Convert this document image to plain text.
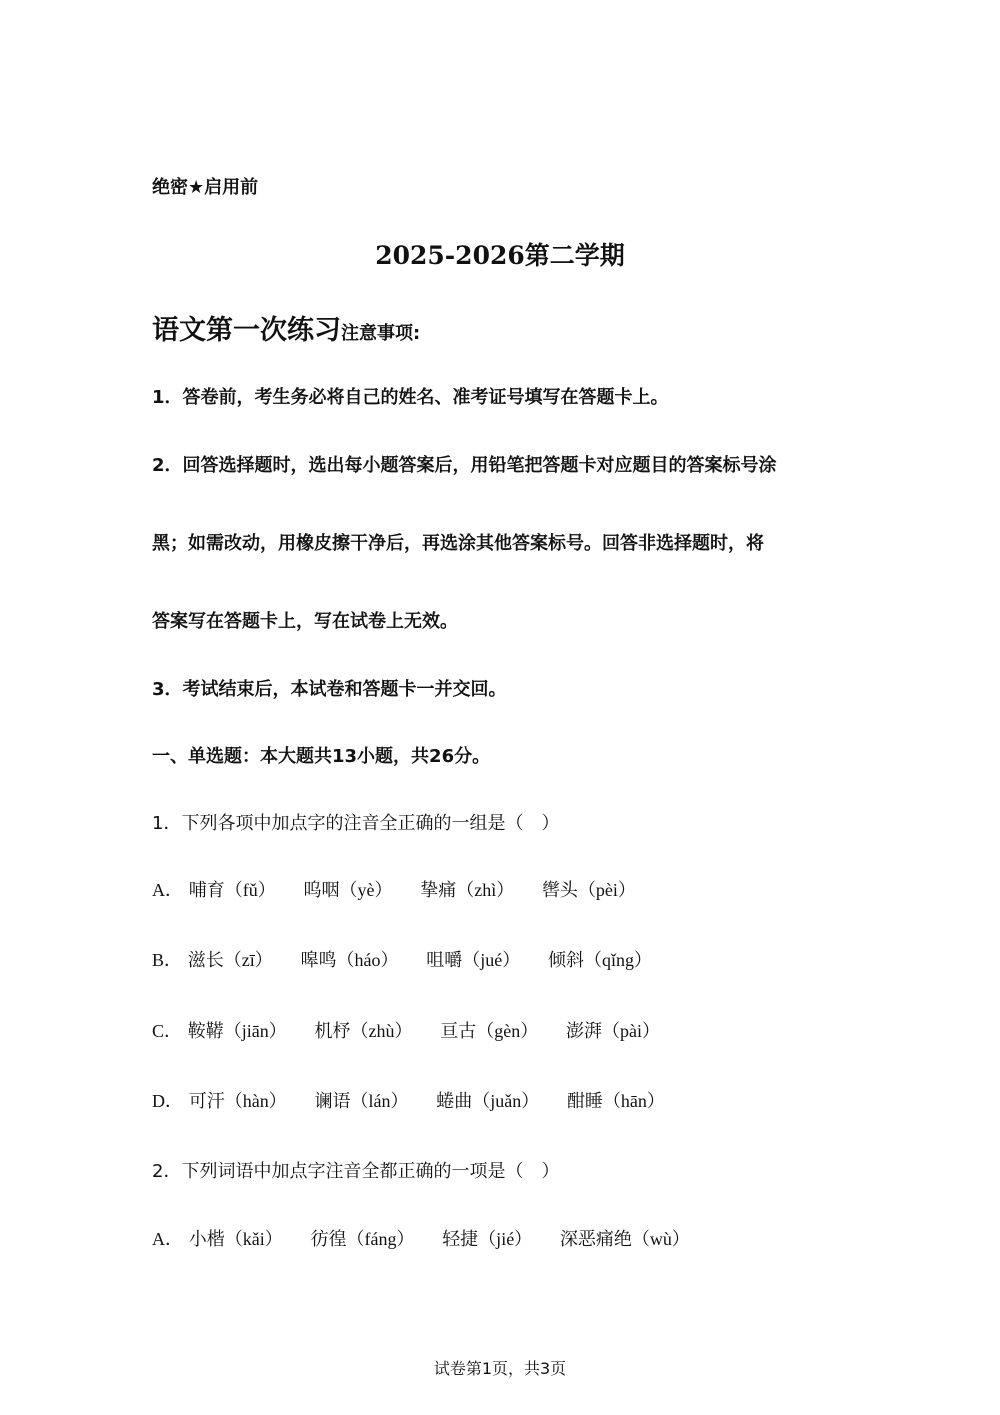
绝密★启用前
2025-2026第二学期
语文第一次练习注意事项:
1．答卷前，考生务必将自己的姓名、准考证号填写在答题卡上。
2．回答选择题时，选出每小题答案后，用铅笔把答题卡对应题目的答案标号涂
黑；如需改动，用橡皮擦干净后，再选涂其他答案标号。回答非选择题时，将
答案写在答题卡上，写在试卷上无效。
3．考试结束后，本试卷和答题卡一并交回。
一、单选题：本大题共13小题，共26分。
1．下列各项中加点字的注音全正确的一组是（　）
A． 哺育（fǔ） 呜咽（yè） 挚痛（zhì） 辔头（pèi）
B． 滋长（zī） 嗥鸣（háo） 咀嚼（jué） 倾斜（qǐng）
C． 鞍鞯（jiān） 机杼（zhù） 亘古（gèn） 澎湃（pài）
D． 可汗（hàn） 谰语（lán） 蜷曲（juǎn） 酣睡（hān）
2．下列词语中加点字注音全都正确的一项是（　）
A． 小楷（kǎi） 彷徨（fáng） 轻捷（jié） 深恶痛绝（wù）
试卷第1页，共3页
